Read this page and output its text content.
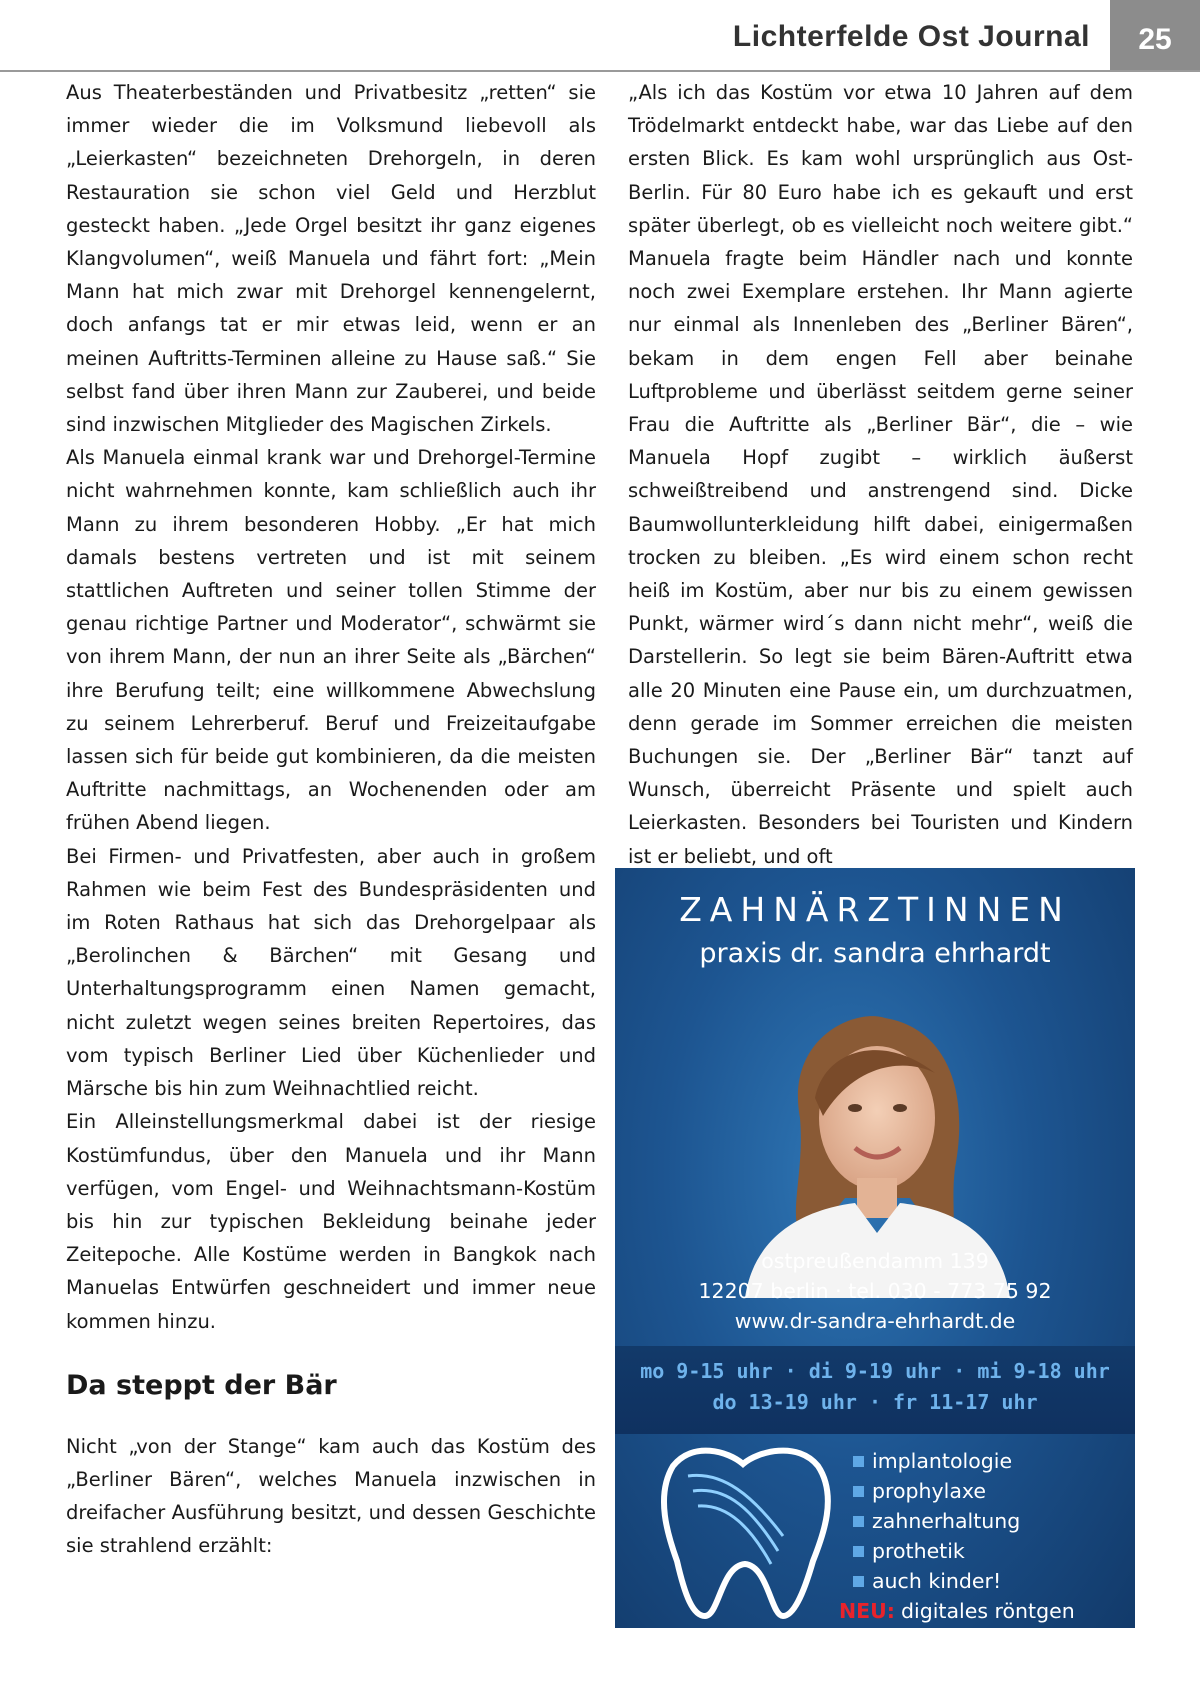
Lichterfelde Ost Journal	25

Aus Theaterbeständen und Privatbesitz „retten“ sie immer wieder die im Volksmund liebevoll als „Leierkasten“ bezeichneten Drehorgeln, in deren Restauration sie schon viel Geld und Herzblut gesteckt haben. „Jede Orgel besitzt ihr ganz eigenes Klangvolumen“, weiß Manuela und fährt fort: „Mein Mann hat mich zwar mit Drehorgel kennengelernt, doch anfangs tat er mir etwas leid, wenn er an meinen Auftritts-Terminen alleine zu Hause saß.“ Sie selbst fand über ihren Mann zur Zauberei, und beide sind inzwischen Mitglieder des Magischen Zirkels.

Als Manuela einmal krank war und Drehorgel-Termine nicht wahrnehmen konnte, kam schließlich auch ihr Mann zu ihrem besonderen Hobby. „Er hat mich damals bestens vertreten und ist mit seinem stattlichen Auftreten und seiner tollen Stimme der genau richtige Partner und Moderator“, schwärmt sie von ihrem Mann, der nun an ihrer Seite als „Bärchen“ ihre Berufung teilt; eine willkommene Abwechslung zu seinem Lehrerberuf. Beruf und Freizeitaufgabe lassen sich für beide gut kombinieren, da die meisten Auftritte nachmittags, an Wochenenden oder am frühen Abend liegen.

Bei Firmen- und Privatfesten, aber auch in großem Rahmen wie beim Fest des Bundespräsidenten und im Roten Rathaus hat sich das Drehorgelpaar als „Berolinchen & Bärchen“ mit Gesang und Unterhaltungsprogramm einen Namen gemacht, nicht zuletzt wegen seines breiten Repertoires, das vom typisch Berliner Lied über Küchenlieder und Märsche bis hin zum Weihnachtlied reicht.

Ein Alleinstellungsmerkmal dabei ist der riesige Kostümfundus, über den Manuela und ihr Mann verfügen, vom Engel- und Weihnachtsmann-Kostüm bis hin zur typischen Bekleidung beinahe jeder Zeitepoche. Alle Kostüme werden in Bangkok nach Manuelas Entwürfen geschneidert und immer neue kommen hinzu.

Da steppt der Bär

Nicht „von der Stange“ kam auch das Kostüm des „Berliner Bären“, welches Manuela inzwischen in dreifacher Ausführung besitzt, und dessen Geschichte sie strahlend erzählt:

„Als ich das Kostüm vor etwa 10 Jahren auf dem Trödelmarkt entdeckt habe, war das Liebe auf den ersten Blick. Es kam wohl ursprünglich aus Ost-Berlin. Für 80 Euro habe ich es gekauft und erst später überlegt, ob es vielleicht noch weitere gibt.“ Manuela fragte beim Händler nach und konnte noch zwei Exemplare erstehen. Ihr Mann agierte nur einmal als Innenleben des „Berliner Bären“, bekam in dem engen Fell aber beinahe Luftprobleme und überlässt seitdem gerne seiner Frau die Auftritte als „Berliner Bär“, die – wie Manuela Hopf zugibt – wirklich äußerst schweißtreibend und anstrengend sind. Dicke Baumwollunterkleidung hilft dabei, einigermaßen trocken zu bleiben. „Es wird einem schon recht heiß im Kostüm, aber nur bis zu einem gewissen Punkt, wärmer wird´s dann nicht mehr“, weiß die Darstellerin. So legt sie beim Bären-Auftritt etwa alle 20 Minuten eine Pause ein, um durchzuatmen, denn gerade im Sommer erreichen die meisten Buchungen sie. Der „Berliner Bär“ tanzt auf Wunsch, überreicht Präsente und spielt auch Leierkasten. Besonders bei Touristen und Kindern ist er beliebt, und oft

ZAHNÄRZTINNEN
praxis dr. sandra ehrhardt
ostpreußendamm 139
12207 berlin · tel. 030 - 773 75 92
www.dr-sandra-ehrhardt.de
mo 9-15 uhr · di 9-19 uhr · mi 9-18 uhr
do 13-19 uhr · fr 11-17 uhr
implantologie
prophylaxe
zahnerhaltung
prothetik
auch kinder!
NEU: digitales röntgen
